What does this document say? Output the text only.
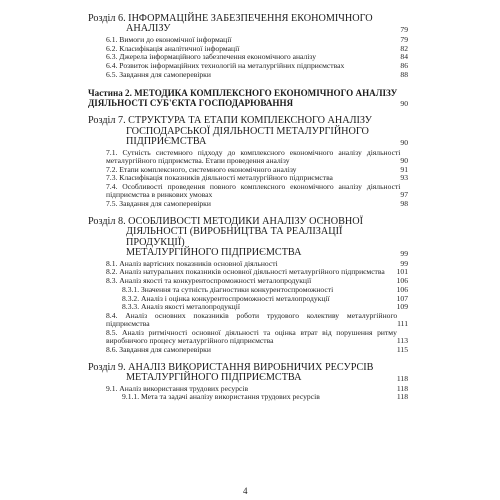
Розділ 6. ІНФОРМАЦІЙНЕ ЗАБЕЗПЕЧЕННЯ ЕКОНОМІЧНОГО
АНАЛІЗУ	79
6.1. Вимоги до економічної інформації	79
6.2. Класифікація аналітичної інформації	82
6.3. Джерела інформаційного забезпечення економічного аналізу	84
6.4. Розвиток інформаційних технологій на металургійних підприємствах	86
6.5. Завдання для самоперевірки	88
Частина 2. МЕТОДИКА КОМПЛЕКСНОГО ЕКОНОМІЧНОГО АНАЛІЗУ ДІЯЛЬНОСТІ СУБ'ЄКТА ГОСПОДАРЮВАННЯ	90
Розділ 7. СТРУКТУРА ТА ЕТАПИ КОМПЛЕКСНОГО АНАЛІЗУ
ГОСПОДАРСЬКОЇ ДІЯЛЬНОСТІ МЕТАЛУРГІЙНОГО
ПІДПРИЄМСТВА	90
7.1. Сутність системного підходу до комплексного економічного аналізу діяльності металургійного підприємства. Етапи проведення аналізу	90
7.2. Етапи комплексного, системного економічного аналізу	91
7.3. Класифікація показників діяльності металургійного підприємства	93
7.4. Особливості проведення повного комплексного економічного аналізу діяльності підприємства в ринкових умовах	97
7.5. Завдання для самоперевірки	98
Розділ 8. ОСОБЛИВОСТІ МЕТОДИКИ АНАЛІЗУ ОСНОВНОЇ
ДІЯЛЬНОСТІ (ВИРОБНИЦТВА ТА РЕАЛІЗАЦІЇ ПРОДУКЦІЇ)
МЕТАЛУРГІЙНОГО ПІДПРИЄМСТВА	99
8.1. Аналіз вартісних показників основної діяльності	99
8.2. Аналіз натуральних показників основної діяльності металургійного підприємства	101
8.3. Аналіз якості та конкурентоспроможності металопродукції	106
8.3.1. Значення та сутність діагностики конкурентоспроможності	106
8.3.2. Аналіз і оцінка конкурентоспроможності металопродукції	107
8.3.3. Аналіз якості металопродукції	109
8.4. Аналіз основних показників роботи трудового колективу металургійного підприємства	111
8.5. Аналіз ритмічності основної діяльності та оцінка втрат від порушення ритму виробничого процесу металургійного підприємства	113
8.6. Завдання для самоперевірки	115
Розділ 9. АНАЛІЗ ВИКОРИСТАННЯ ВИРОБНИЧИХ РЕСУРСІВ
МЕТАЛУРГІЙНОГО ПІДПРИЄМСТВА	118
9.1. Аналіз використання трудових ресурсів	118
9.1.1. Мета та задачі аналізу використання трудових ресурсів	118
4
